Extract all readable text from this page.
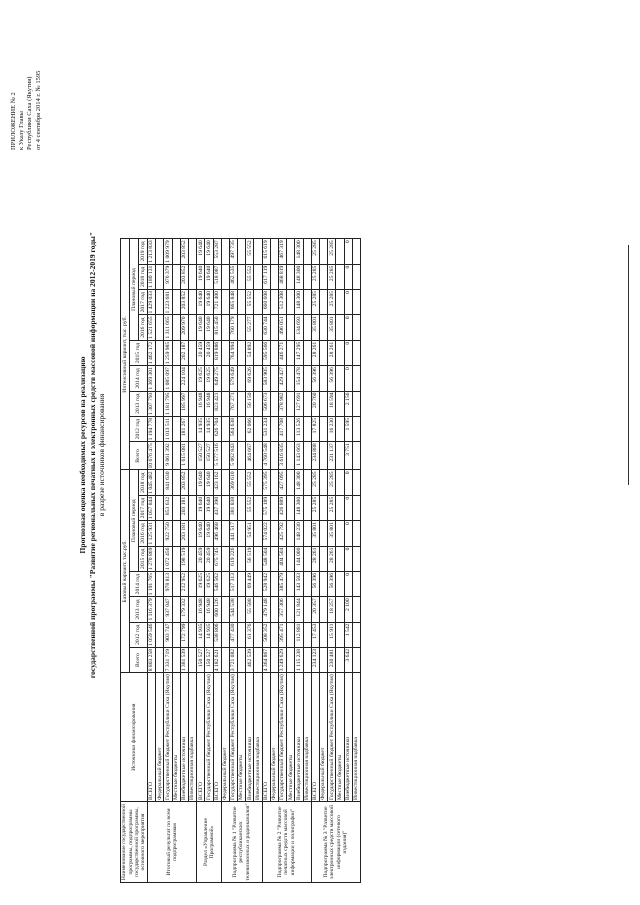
ПРИЛОЖЕНИЕ № 2 к Указу Главы Республики Саха (Якутия) от 4 сентября 2014 г. № 1595
Прогнозная оценка необходимых ресурсов на реализацию государственной программы "Развитие региональных печатных и электронных средств массовой информации на 2012-2019 годы" в разрезе источников финансирования
Наименование государственной программы, подпрограммы государственной программы, основного мероприятия	Источники финансирования	Базовый вариант, тыс.руб.								Интенсивный вариант, тыс. руб.								
		Всего	2012 год	2013 год	2014 год	Плановый период				Всего	2012 год	2013 год	2014 год	2015 год	Плановый период			
						2015 год	2016 год	2017 год	2018 год						2016 год	2017 год	2018 год	2019 год
Итоговый результат по всем подпрограммам	ВСЕГО	8 803 258	1 059 546	1 116 379	1 191 765	1 270 869	1 125 931	1 057 844	1 045 482	10 676 475	1 194 778	1 307 793	1 369 301	1 462 172	1 521 655	1 429 033	1 180 131	1 213 833
	Федеральный бюджет																	
	Государственный бюджет Республики Саха (Якутия)	7 331 719	903 747	937 047	978 813	1 072 456	922 750	853 632	841 630	9 061 392	1 013 511	1 181 795	1 085 097	1 259 985	1 311 665	1 223 681	976 379	1 009 979
	Местные бюджеты																	
	Внебюджетные источники	1 381 539	172 799	179 332	212 952	198 519	203 181	203 181	203 852	1 615 081	181 267	185 997	224 104	202 187	209 970	203 852	203 852	203 852
	Инвестиционная надбавка																	
Раздел «Управление Программой»	ВСЕГО	150 527	14 935	16 948	19 625	20 459	19 640	19 640	19 640	150 527	14 935	16 948	19 625	20 459	19 640	19 640	19 640	19 640
	Государственный бюджет Республики Саха (Якутия)	150 527	14 935	16 948	19 625	20 459	19 640	19 640	19 640	150 527	14 935	16 948	19 625	20 459	19 640	19 640	19 640	19 640
	ВСЕГО	4 182 621	538 806	600 126	546 562	675 745	496 468	437 390	423 162	5 577 516	626 704	823 421	649 275	819 886	815 450	721 400	518 087	553 287
Подпрограмма № 1 "Развитие республиканских телевизионных и радиоканалов"	Федеральный бюджет																	
	Государственный бюджет Республики Саха (Якутия)	3 721 082	477 430	544 538	517 313	619 226	441 517	381 838	369 610	5 062 843	564 638	767 271	579 649	764 994	760 179	665 848	462 535	497 735
	Местные бюджеты																	
	Внебюджетные источники	462 539	61 376	55 588	69 449	56 519	54 951	55 552	55 552	464 667	62 066	56 150	69 626	54 892	55 277	55 552	55 552	55 552
	Инвестиционная надбавка																	
Подпрограмма № 2 "Развитие печатных средств массовой информации и полиграфии"	ВСЕГО	4 364 867	508 352	479 148	528 942	548 504	574 022	575 189	575 395	4 760 548	531 234	506 673	583 905	595 566	630 744	660 608	617 119	615 619
	Федеральный бюджет																	
	Государственный бюджет Республики Саха (Якутия)	3 249 629	395 471	357 306	385 479	404 504	425 792	426 889	427 095	3 616 835	417 708	378 982	429 427	446 271	496 051	512 308	468 819	467 319
	Местные бюджеты																	
	Внебюджетные источники	1 115 238	112 881	121 844	143 503	144 000	148 230	148 300	148 300	1 143 663	113 526	127 691	154 478	147 295	134 693	148 300	148 300	148 300
	Инвестиционная надбавка																	
Подпрограмма № 3 "Развитие электронных средств массовой информации (сетевого издания)"	ВСЕГО	234 123	17 453	20 357	56 396	28 261	35 801	25 285	25 285	234 888	17 825	20 760	56 396	28 261	35 801	25 285	25 285	25 285
	Федеральный бюджет																	
	Государственный бюджет Республики Саха (Якутия)	230 481	15 911	18 257	56 396	28 261	35 801	25 285	25 285	231 137	16 230	18 594	56 396	28 261	35 801	25 285	25 285	25 285
	Местные бюджеты																	
	Внебюджетные источники	3 642	1 542	2 100	0	0	0	0	0	3 751	1 595	2 156	0	0	0	0	0	0
	Инвестиционная надбавка																	
